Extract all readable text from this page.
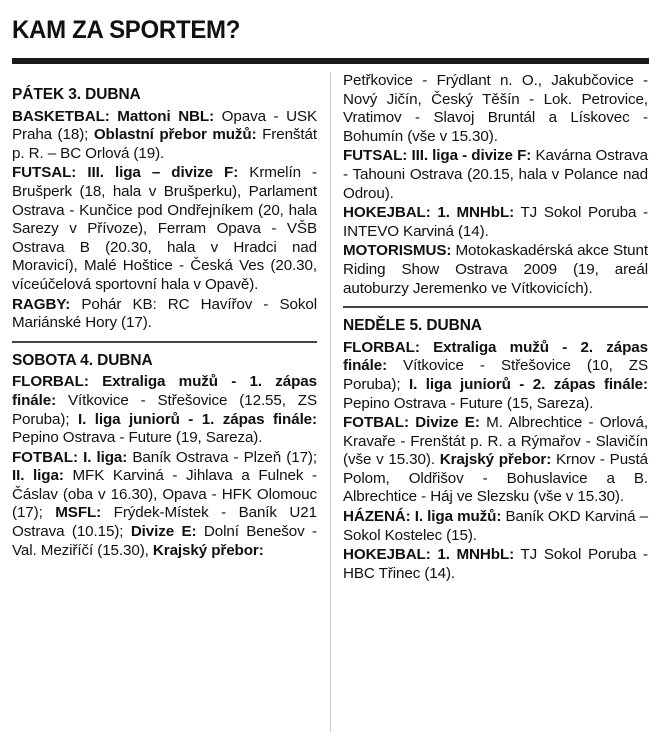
KAM ZA SPORTEM?
PÁTEK 3. DUBNA
BASKETBAL: Mattoni NBL: Opava - USK Praha (18); Oblastní přebor mužů: Frenštát p. R. – BC Orlová (19).
FUTSAL: III. liga – divize F: Krmelín - Brušperk (18, hala v Brušperku), Parlament Ostrava - Kunčice pod Ondřejníkem (20, hala Sarezy v Přívoze), Ferram Opava - VŠB Ostrava B (20.30, hala v Hradci nad Moravicí), Malé Hoštice - Česká Ves (20.30, víceúčelová sportovní hala v Opavě).
RAGBY: Pohár KB: RC Havířov - Sokol Mariánské Hory (17).
SOBOTA 4. DUBNA
FLORBAL: Extraliga mužů - 1. zápas finále: Vítkovice - Střešovice (12.55, ZS Poruba); I. liga juniorů - 1. zápas finále: Pepino Ostrava - Future (19, Sareza).
FOTBAL: I. liga: Baník Ostrava - Plzeň (17); II. liga: MFK Karviná - Jihlava a Fulnek - Čáslav (oba v 16.30), Opava - HFK Olomouc (17); MSFL: Frýdek-Místek - Baník U21 Ostrava (10.15); Divize E: Dolní Benešov - Val. Meziříčí (15.30), Krajský přebor:
Petřkovice - Frýdlant n. O., Jakubčovice - Nový Jičín, Český Těšín - Lok. Petrovice, Vratimov - Slavoj Bruntál a Lískovec - Bohumín (vše v 15.30).
FUTSAL: III. liga - divize F: Kavárna Ostrava - Tahouni Ostrava (20.15, hala v Polance nad Odrou).
HOKEJBAL: 1. MNHbL: TJ Sokol Poruba - INTEVO Karviná (14).
MOTORISMUS: Motokaskadérská akce Stunt Riding Show Ostrava 2009 (19, areál autoburzy Jeremenko ve Vítkovicích).
NEDĚLE 5. DUBNA
FLORBAL: Extraliga mužů - 2. zápas finále: Vítkovice - Střešovice (10, ZS Poruba); I. liga juniorů - 2. zápas finále: Pepino Ostrava - Future (15, Sareza).
FOTBAL: Divize E: M. Albrechtice - Orlová, Kravaře - Frenštát p. R. a Rýmařov - Slavičín (vše v 15.30). Krajský přebor: Krnov - Pustá Polom, Oldřišov - Bohuslavice a B. Albrechtice - Háj ve Slezsku (vše v 15.30).
HÁZENÁ: I. liga mužů: Baník OKD Karviná – Sokol Kostelec (15).
HOKEJBAL: 1. MNHbL: TJ Sokol Poruba - HBC Třinec (14).
